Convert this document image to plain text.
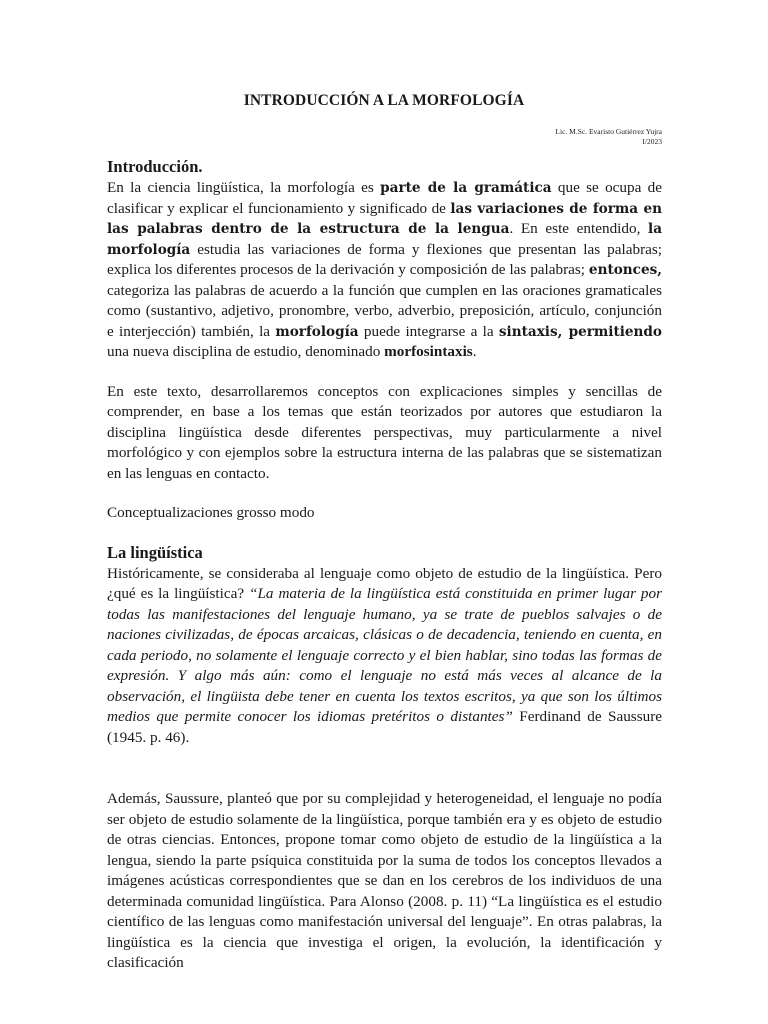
INTRODUCCIÓN A LA MORFOLOGÍA
Lic. M.Sc. Evaristo Gutiérrez Yujra
I/2023
Introducción.

En la ciencia lingüística, la morfología es parte de la gramática que se ocupa de clasificar y explicar el funcionamiento y significado de las variaciones de forma en las palabras dentro de la estructura de la lengua. En este entendido, la morfología estudia las variaciones de forma y flexiones que presentan las palabras; explica los diferentes procesos de la derivación y composición de las palabras; entonces, categoriza las palabras de acuerdo a la función que cumplen en las oraciones gramaticales como (sustantivo, adjetivo, pronombre, verbo, adverbio, preposición, artículo, conjunción e interjección) también, la morfología puede integrarse a la sintaxis, permitiendo una nueva disciplina de estudio, denominado morfosintaxis.

En este texto, desarrollaremos conceptos con explicaciones simples y sencillas de comprender, en base a los temas que están teorizados por autores que estudiaron la disciplina lingüística desde diferentes perspectivas, muy particularmente a nivel morfológico y con ejemplos sobre la estructura interna de las palabras que se sistematizan en las lenguas en contacto.

Conceptualizaciones grosso modo

La lingüística

Históricamente, se consideraba al lenguaje como objeto de estudio de la lingüística. Pero ¿qué es la lingüística? “La materia de la lingüística está constituida en primer lugar por todas las manifestaciones del lenguaje humano, ya se trate de pueblos salvajes o de naciones civilizadas, de épocas arcaicas, clásicas o de decadencia, teniendo en cuenta, en cada periodo, no solamente el lenguaje correcto y el bien hablar, sino todas las formas de expresión. Y algo más aún: como el lenguaje no está más veces al alcance de la observación, el lingüista debe tener en cuenta los textos escritos, ya que son los últimos medios que permite conocer los idiomas pretéritos o distantes” Ferdinand de Saussure (1945. p. 46).

Además, Saussure, planteó que por su complejidad y heterogeneidad, el lenguaje no podía ser objeto de estudio solamente de la lingüística, porque también era y es objeto de estudio de otras ciencias. Entonces, propone tomar como objeto de estudio de la lingüística a la lengua, siendo la parte psíquica constituida por la suma de todos los conceptos llevados a imágenes acústicas correspondientes que se dan en los cerebros de los individuos de una determinada comunidad lingüística. Para Alonso (2008. p. 11) “La lingüística es el estudio científico de las lenguas como manifestación universal del lenguaje”. En otras palabras, la lingüística es la ciencia que investiga el origen, la evolución, la identificación y clasificación
